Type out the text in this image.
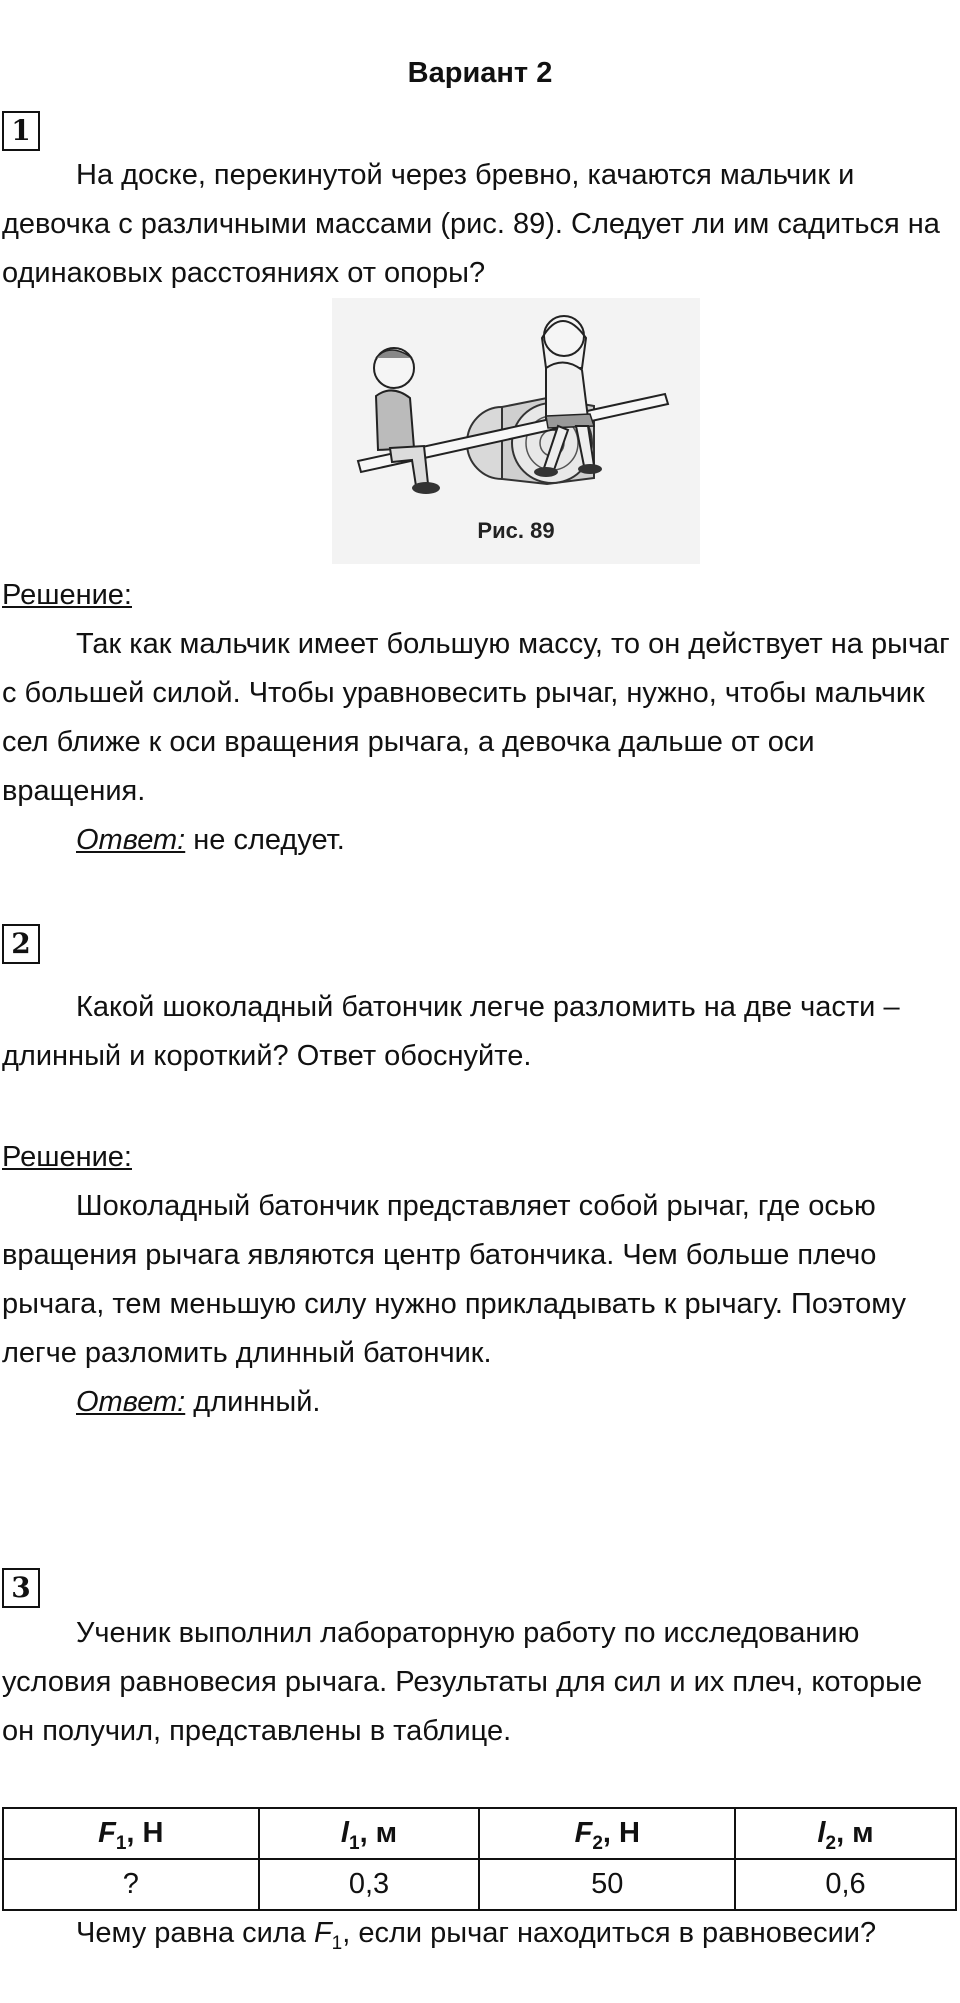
Вариант 2
1

На доске, перекинутой через бревно, качаются мальчик и девочка с различными массами (рис. 89). Следует ли им садиться на одинаковых расстояниях от опоры?

Рис. 89

Решение:

Так как мальчик имеет большую массу, то он действует на рычаг с большей силой. Чтобы уравновесить рычаг, нужно, чтобы мальчик сел ближе к оси вращения рычага, а девочка дальше от оси вращения.

Ответ: не следует.

2

Какой шоколадный батончик легче разломить на две части – длинный и короткий? Ответ обоснуйте.

Решение:

Шоколадный батончик представляет собой рычаг, где осью вращения рычага являются центр батончика. Чем больше плечо рычага, тем меньшую силу нужно прикладывать к рычагу. Поэтому легче разломить длинный батончик.

Ответ: длинный.

3

Ученик выполнил лабораторную работу по исследованию условия равновесия рычага. Результаты для сил и их плеч, которые он получил, представлены в таблице.

$F_1$, Н	$l_1$, м	$F_2$, Н	$l_2$, м
?	0,3	50	0,6

Чему равна сила $F_1$, если рычаг находиться в равновесии?
